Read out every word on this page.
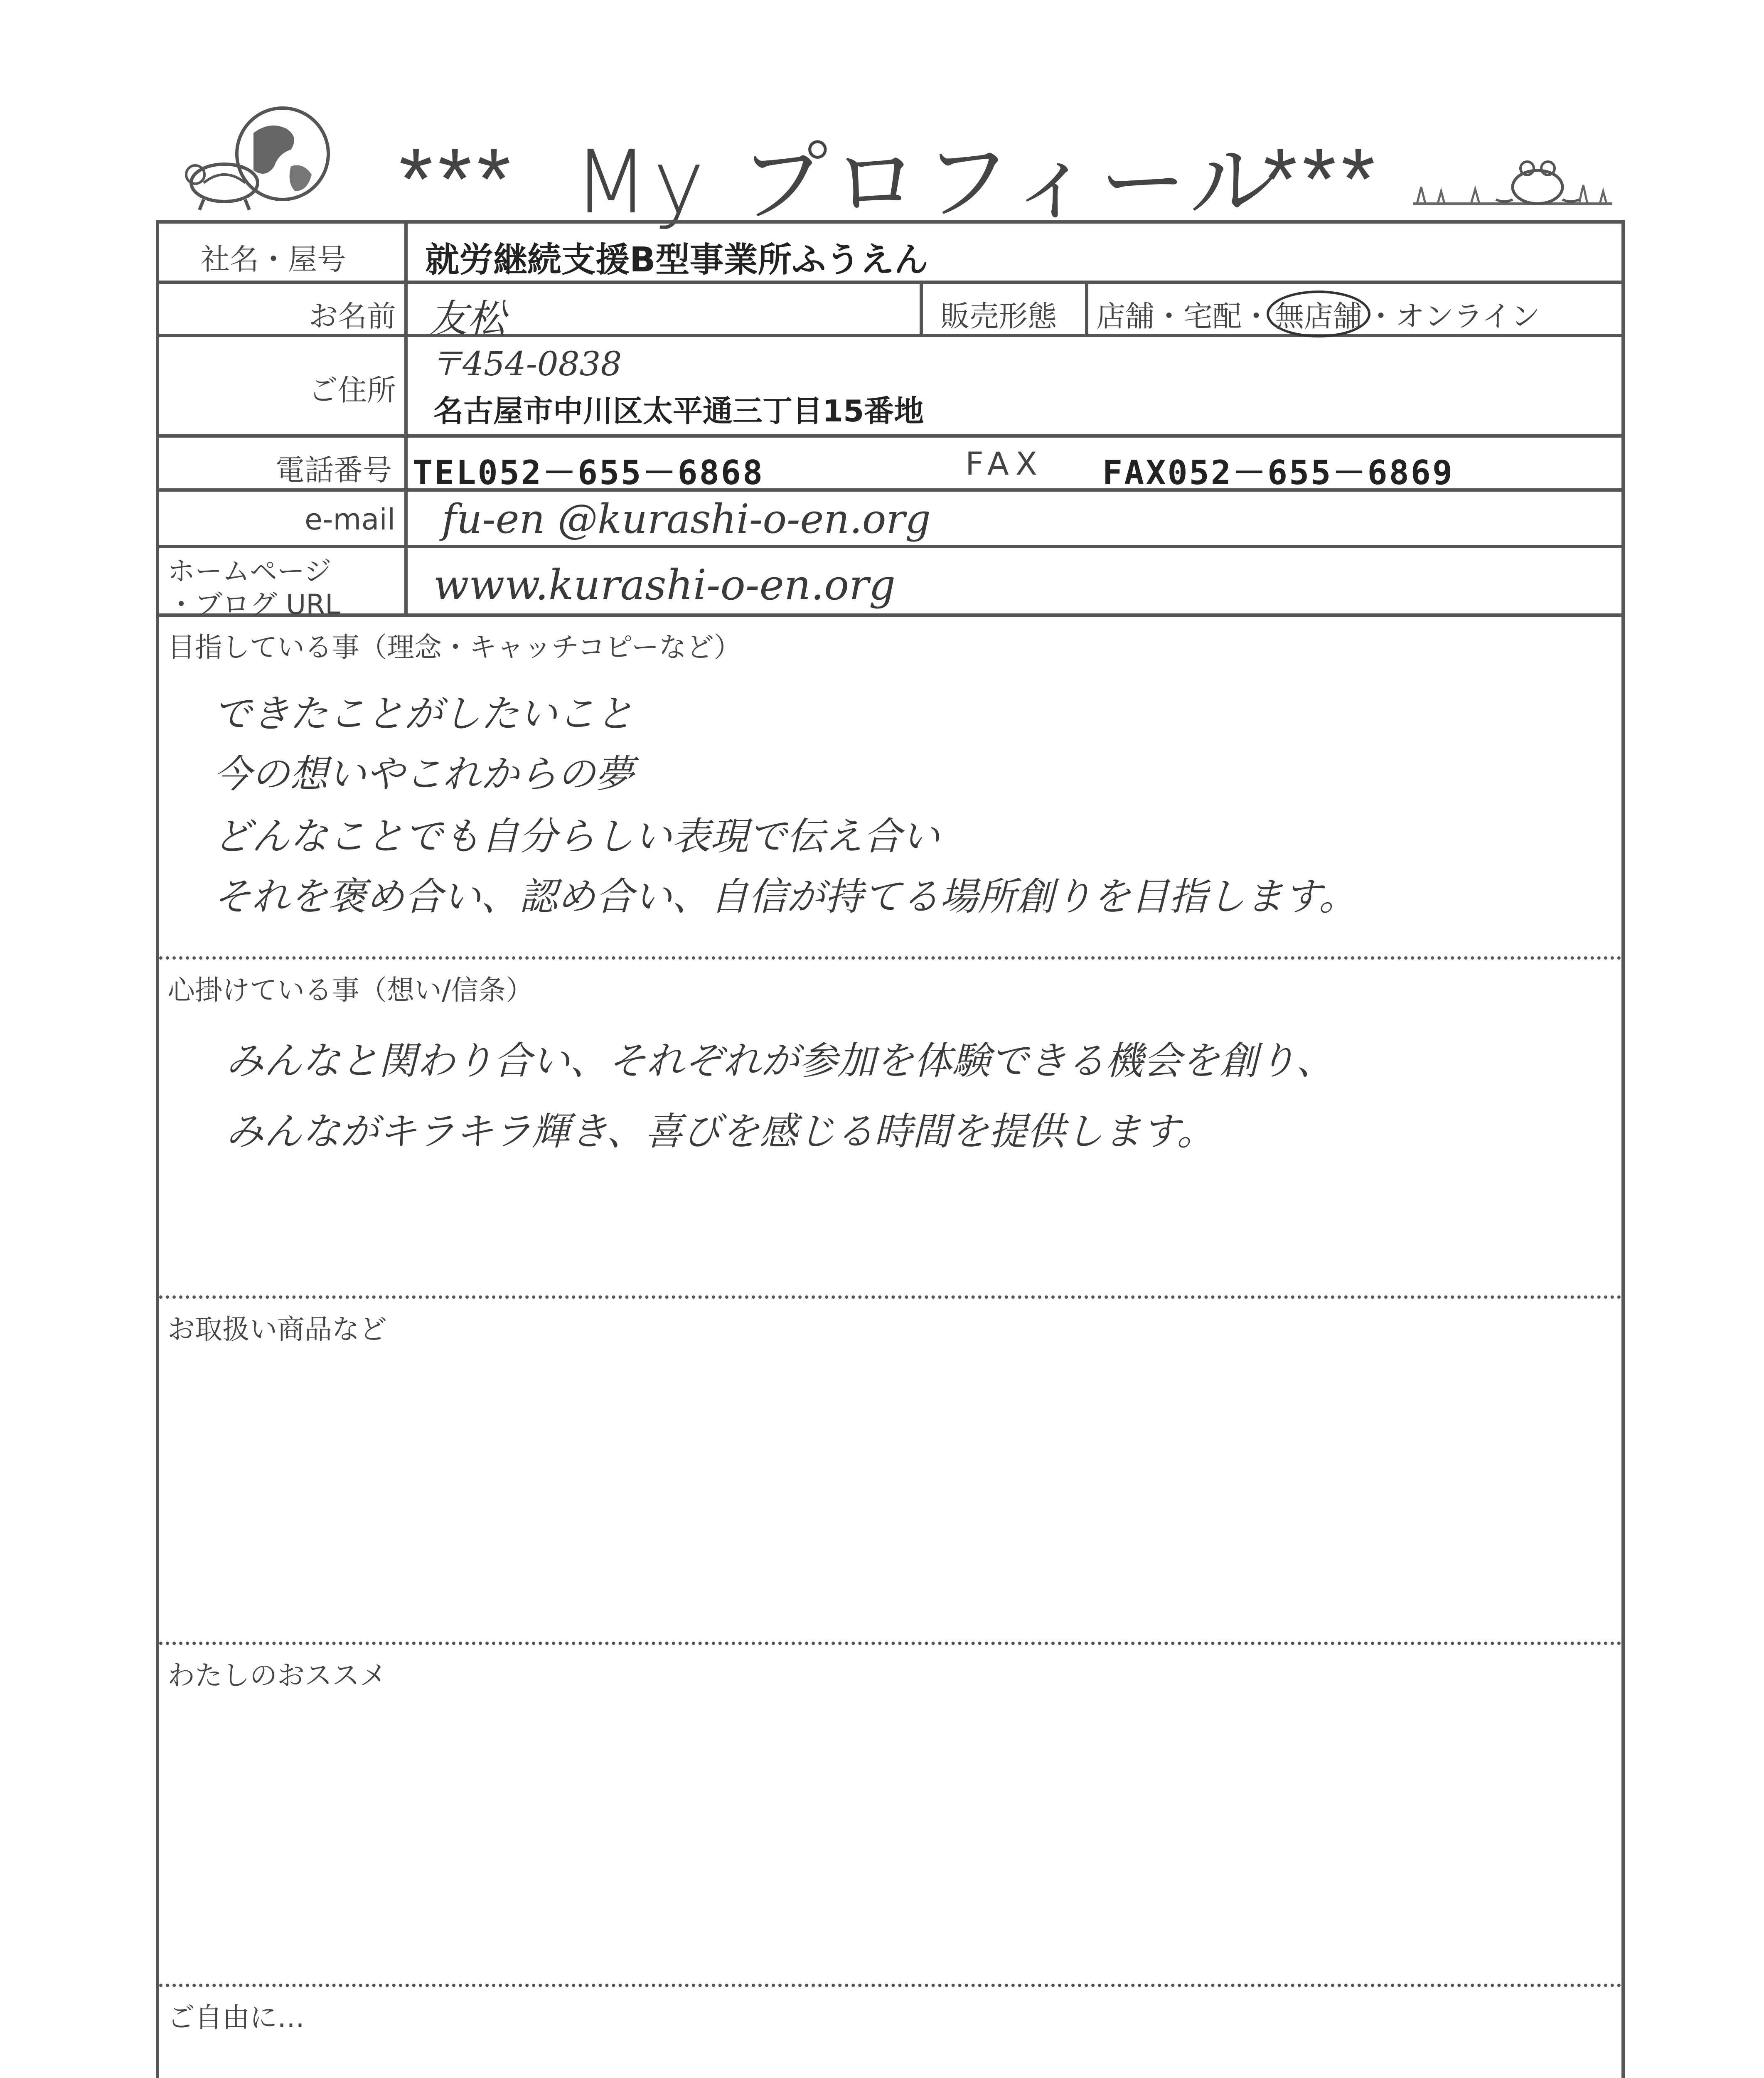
*** My プロフィール
***
社名・屋号 就労継続支援B型事業所ふうえん
お名前 友松	販売形態 店舗・宅配・ 無店舗 ・オンライン
ご住所
〒454-0838
名古屋市中川区太平通三丁目15番地
電話番号 TEL052－655－6868	FAX FAX052－655－6869
e-mail fu-en @kurashi-o-en.org
ホームページ
・ブログ URL www.kurashi-o-en.org
目指している事（理念・キャッチコピーなど）
できたことがしたいこと
今の想いやこれからの夢
どんなことでも自分らしい表現で伝え合い
それを褒め合い、認め合い、自信が持てる場所創りを目指します。
心掛けている事（想い/信条）
みんなと関わり合い、それぞれが参加を体験できる機会を創り、
みんながキラキラ輝き、喜びを感じる時間を提供します。
お取扱い商品など
わたしのおススメ
ご自由に…
